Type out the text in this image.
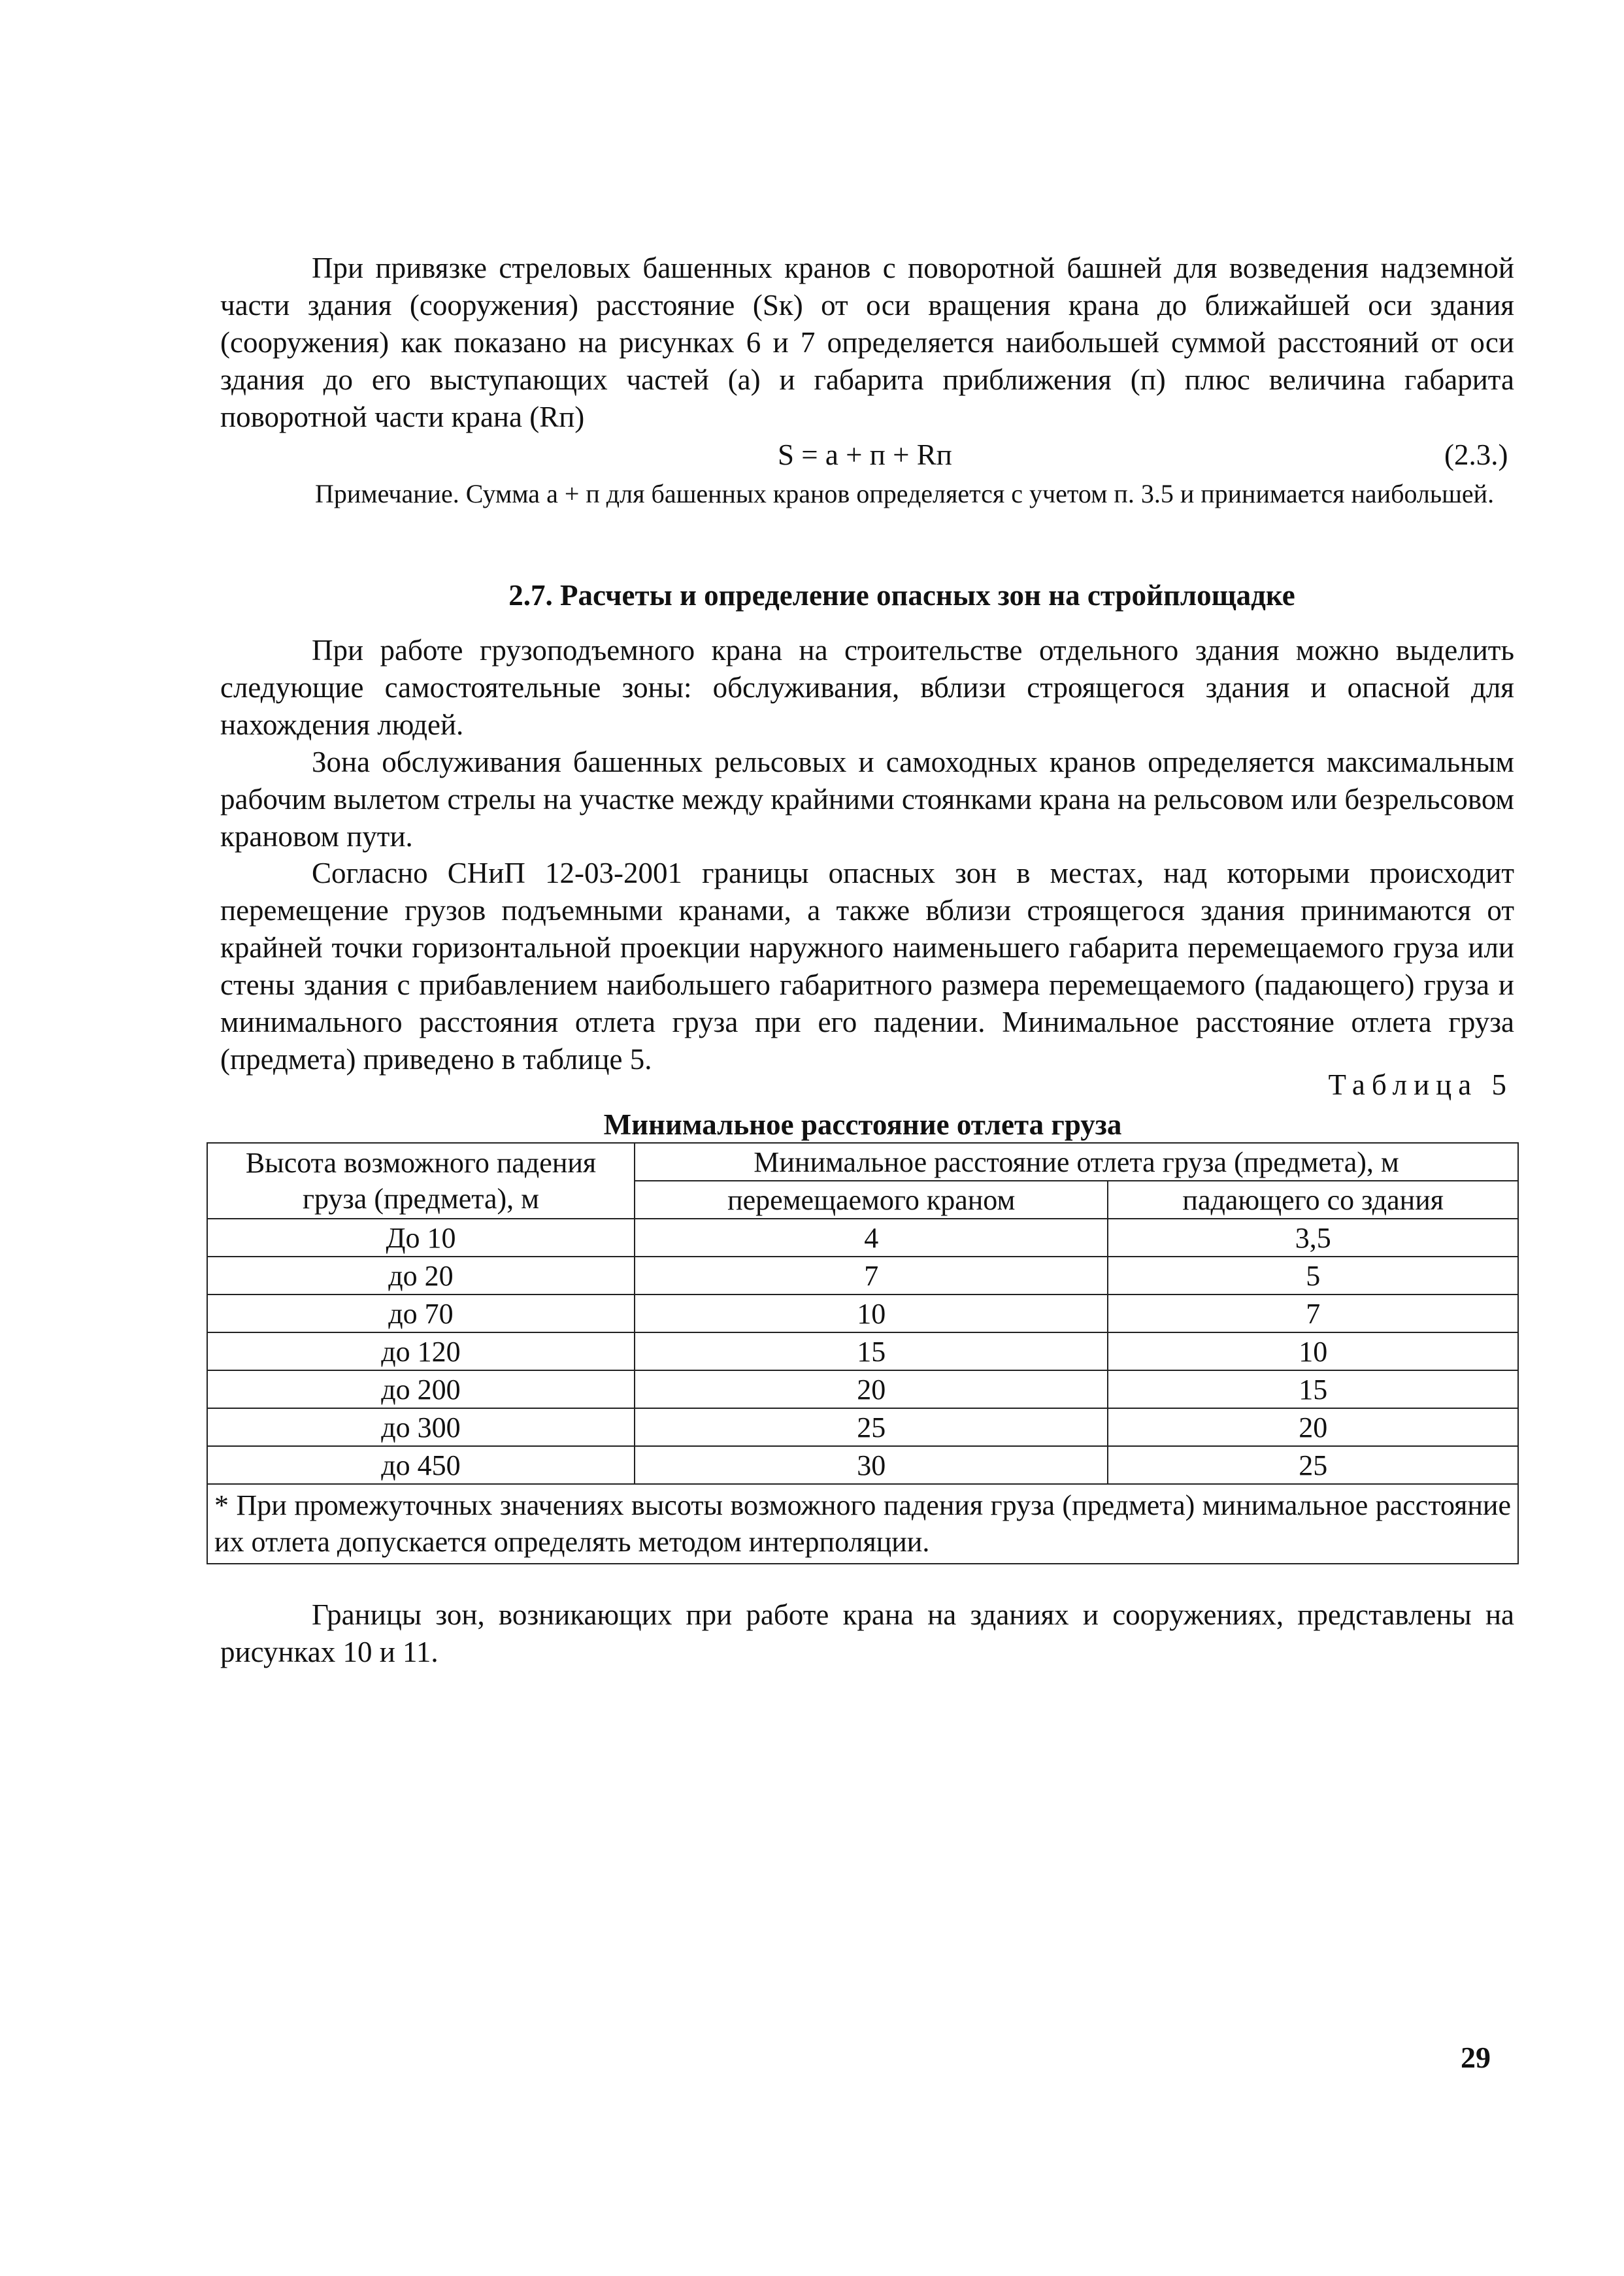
При привязке стреловых башенных кранов с поворотной башней для возведения надземной части здания (сооружения) расстояние (Sк) от оси вращения крана до ближайшей оси здания (сооружения) как показано на рисунках 6 и 7 определяется наибольшей суммой расстояний от оси здания до его выступающих частей (а) и габарита приближения (п) плюс величина габарита поворотной части крана (Rп)

S = а + п + Rп	(2.3.)

Примечание. Сумма а + п для башенных кранов определяется с учетом п. 3.5 и принимается наибольшей.

2.7. Расчеты и определение опасных зон на стройплощадке

При работе грузоподъемного крана на строительстве отдельного здания можно выделить следующие самостоятельные зоны: обслуживания, вблизи строящегося здания и опасной для нахождения людей.

Зона обслуживания башенных рельсовых и самоходных кранов определяется максимальным рабочим вылетом стрелы на участке между крайними стоянками крана на рельсовом или безрельсовом крановом пути.

Согласно СНиП 12-03-2001 границы опасных зон в местах, над которыми происходит перемещение грузов подъемными кранами, а также вблизи строящегося здания принимаются от крайней точки горизонтальной проекции наружного наименьшего габарита перемещаемого груза или стены здания с прибавлением наибольшего габаритного размера перемещаемого (падающего) груза и минимального расстояния отлета груза при его падении. Минимальное расстояние отлета груза (предмета) приведено в таблице 5.

Таблица 5
Минимальное расстояние отлета груза
Высота возможного падения груза (предмета), м	Минимальное расстояние отлета груза (предмета), м	
	перемещаемого краном	падающего со здания
До 10	4	3,5
до 20	7	5
до 70	10	7
до 120	15	10
до 200	20	15
до 300	25	20
до 450	30	25
* При промежуточных значениях высоты возможного падения груза (предмета) минимальное расстояние их отлета допускается определять методом интерполяции.		

Границы зон, возникающих при работе крана на зданиях и сооружениях, представлены на рисунках 10 и 11.

29
